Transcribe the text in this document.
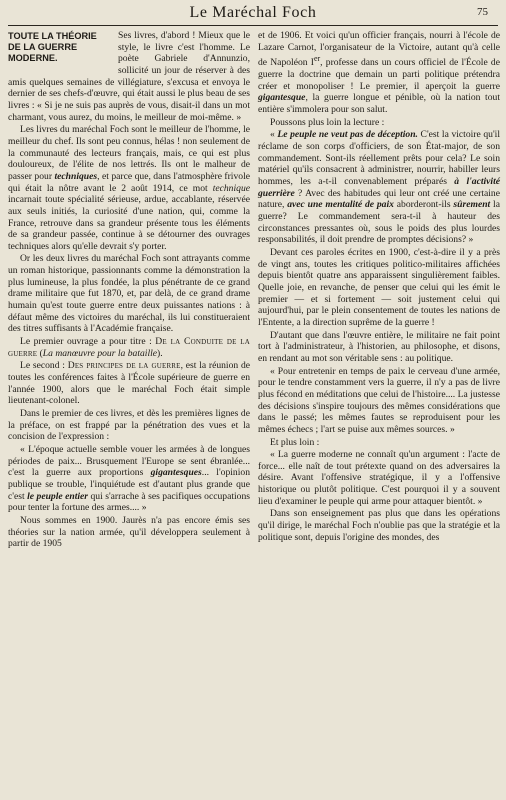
Le Maréchal Foch	75

TOUTE LA THÉORIE DE LA GUERRE MODERNE.
Ses livres, d'abord ! Mieux que le style, le livre c'est l'homme. Le poète Gabriele d'Annunzio, sollicité un jour de réserver à des amis quelques semaines de villégiature, s'excusa et envoya le dernier de ses chefs-d'œuvre, qui était aussi le plus beau de ses livres : « Si je ne suis pas auprès de vous, disait-il dans un mot charmant, vous aurez, du moins, le meilleur de moi-même. »

Les livres du maréchal Foch sont le meilleur de l'homme, le meilleur du chef. Ils sont peu connus, hélas ! non seulement de la communauté des lecteurs français, mais, ce qui est plus douloureux, de l'élite de nos lettrés. Ils ont le malheur de passer pour techniques, et parce que, dans l'atmosphère frivole qui était la nôtre avant le 2 août 1914, ce mot technique incarnait toute spécialité sérieuse, ardue, accablante, réservée aux seuls initiés, la curiosité d'une nation, qui, comme la France, retrouve dans sa grandeur présente tous les éléments de sa grandeur passée, continue à se détourner des ouvrages techniques alors qu'elle devrait s'y porter.

Or les deux livres du maréchal Foch sont attrayants comme un roman historique, passionnants comme la démonstration la plus lumineuse, la plus fondée, la plus pénétrante de ce grand drame militaire que fut 1870, et, par delà, de ce grand drame humain qu'est toute guerre entre deux puissantes nations : à défaut même des victoires du maréchal, ils lui constitueraient des titres suffisants à l'Académie française.

Le premier ouvrage a pour titre : De la Conduite de la guerre (La manœuvre pour la bataille).

Le second : Des principes de la guerre, est la réunion de toutes les conférences faites à l'École supérieure de guerre en l'année 1900, alors que le maréchal Foch était simple lieutenant-colonel.

Dans le premier de ces livres, et dès les premières lignes de la préface, on est frappé par la pénétration des vues et la concision de l'expression :

« L'époque actuelle semble vouer les armées à de longues périodes de paix... Brusquement l'Europe se sent ébranlée... c'est la guerre aux proportions gigantesques... l'opinion publique se trouble, l'inquiétude est d'autant plus grande que c'est le peuple entier qui s'arrache à ses pacifiques occupations pour tenter la fortune des armes.... »

Nous sommes en 1900. Jaurès n'a pas encore émis ses théories sur la nation armée, qu'il développera seulement à partir de 1905

et de 1906. Et voici qu'un officier français, nourri à l'école de Lazare Carnot, l'organisateur de la Victoire, autant qu'à celle de Napoléon Ier, professe dans un cours officiel de l'École de guerre la doctrine que demain un parti politique prétendra créer et monopoliser ! Le premier, il aperçoit la guerre gigantesque, la guerre longue et pénible, où la nation tout entière s'immolera pour son salut.

Poussons plus loin la lecture :

« Le peuple ne veut pas de déception. C'est la victoire qu'il réclame de son corps d'officiers, de son État-major, de son commandement. Sont-ils réellement prêts pour cela? Le soin matériel qu'ils consacrent à administrer, nourrir, habiller leurs hommes, les a-t-il convenablement préparés à l'activité guerrière ? Avec des habitudes qui leur ont créé une certaine nature, avec une mentalité de paix aborderont-ils sûrement la guerre? Le commandement sera-t-il à hauteur des circonstances pressantes où, sous le poids des plus lourdes responsabilités, il doit prendre de promptes décisions? »

Devant ces paroles écrites en 1900, c'est-à-dire il y a près de vingt ans, toutes les critiques politico-militaires affichées depuis bientôt quatre ans apparaissent singulièrement faibles. Quelle joie, en revanche, de penser que celui qui les émit le premier — et si fortement — soit justement celui qui aujourd'hui, par le plein consentement de toutes les nations de l'Entente, a la direction suprême de la guerre !

D'autant que dans l'œuvre entière, le militaire ne fait point tort à l'administrateur, à l'historien, au philosophe, et disons, en rendant au mot son véritable sens : au politique.

« Pour entretenir en temps de paix le cerveau d'une armée, pour le tendre constamment vers la guerre, il n'y a pas de livre plus fécond en méditations que celui de l'histoire.... La justesse des décisions s'inspire toujours des mêmes considérations que dans le passé; les mêmes fautes se reproduisent pour les mêmes échecs ; l'art se puise aux mêmes sources. »

Et plus loin :

« La guerre moderne ne connaît qu'un argument : l'acte de force... elle naît de tout prétexte quand on des adversaires la désire. Avant l'offensive stratégique, il y a l'offensive historique ou plutôt politique. C'est pourquoi il y a souvent lieu d'examiner le peuple qui arme pour attaquer bientôt. »

Dans son enseignement pas plus que dans les opérations qu'il dirige, le maréchal Foch n'oublie pas que la stratégie et la politique sont, depuis l'origine des mondes, des
